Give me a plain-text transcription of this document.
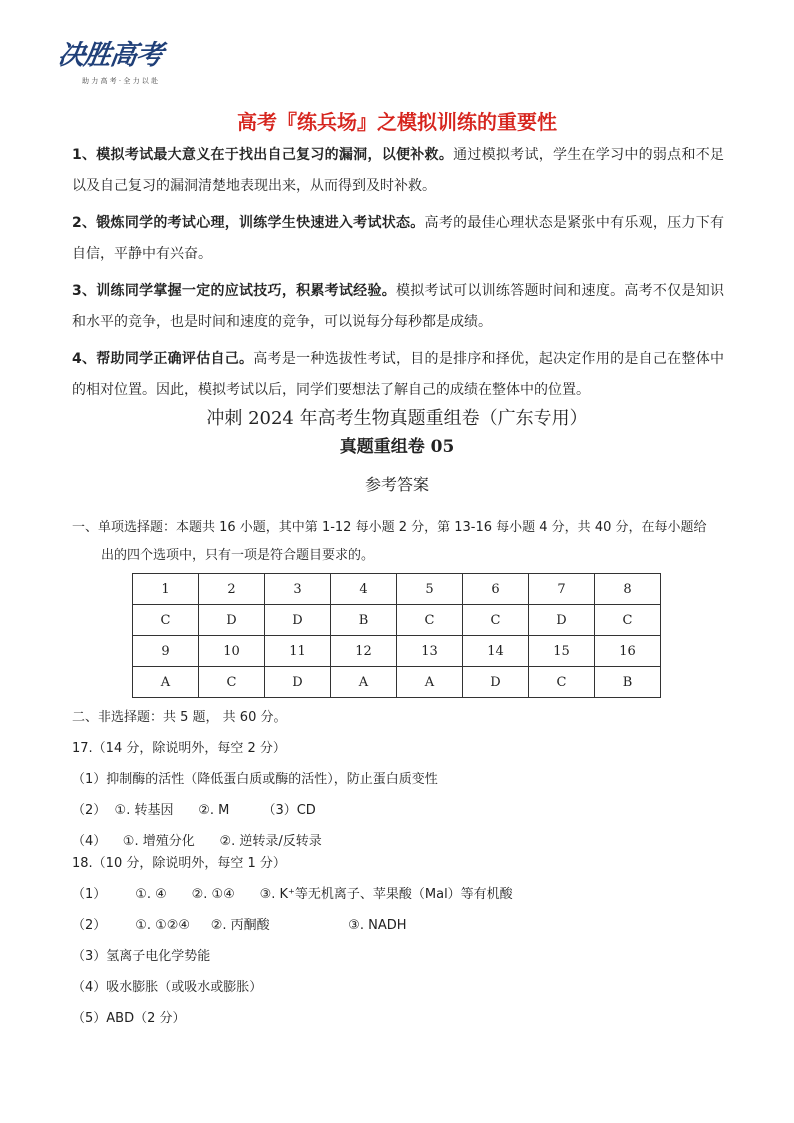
决胜高考
助 力 高 考 · 全 力 以 赴
高考『练兵场』之模拟训练的重要性

1、模拟考试最大意义在于找出自己复习的漏洞，以便补救。通过模拟考试，学生在学习中的弱点和不足以及自己复习的漏洞清楚地表现出来，从而得到及时补救。

2、锻炼同学的考试心理，训练学生快速进入考试状态。高考的最佳心理状态是紧张中有乐观，压力下有自信，平静中有兴奋。

3、训练同学掌握一定的应试技巧，积累考试经验。模拟考试可以训练答题时间和速度。高考不仅是知识和水平的竞争，也是时间和速度的竞争，可以说每分每秒都是成绩。

4、帮助同学正确评估自己。高考是一种选拔性考试，目的是排序和择优，起决定作用的是自己在整体中的相对位置。因此，模拟考试以后，同学们要想法了解自己的成绩在整体中的位置。

冲刺 2024 年高考生物真题重组卷（广东专用）
真题重组卷 05
参考答案
一、单项选择题：本题共 16 小题，其中第 1-12 每小题 2 分，第 13-16 每小题 4 分，共 40 分，在每小题给
出的四个选项中，只有一项是符合题目要求的。
1	2	3	4	5	6	7	8
C	D	D	B	C	C	D	C
9	10	11	12	13	14	15	16
A	C	D	A	A	D	C	B
二、非选择题：共 5 题， 共 60 分。
17.（14 分，除说明外，每空 2 分）
（1）抑制酶的活性（降低蛋白质或酶的活性），防止蛋白质变性
（2）  ①. 转基因      ②. M        （3）CD
（4）    ①. 增殖分化      ②. 逆转录/反转录
18.（10 分，除说明外，每空 1 分）
（1）       ①. ④      ②. ①④      ③. K⁺等无机离子、苹果酸（Mal）等有机酸
（2）       ①. ①②④     ②. 丙酮酸                   ③. NADH
（3）氢离子电化学势能
（4）吸水膨胀（或吸水或膨胀）
（5）ABD（2 分）
